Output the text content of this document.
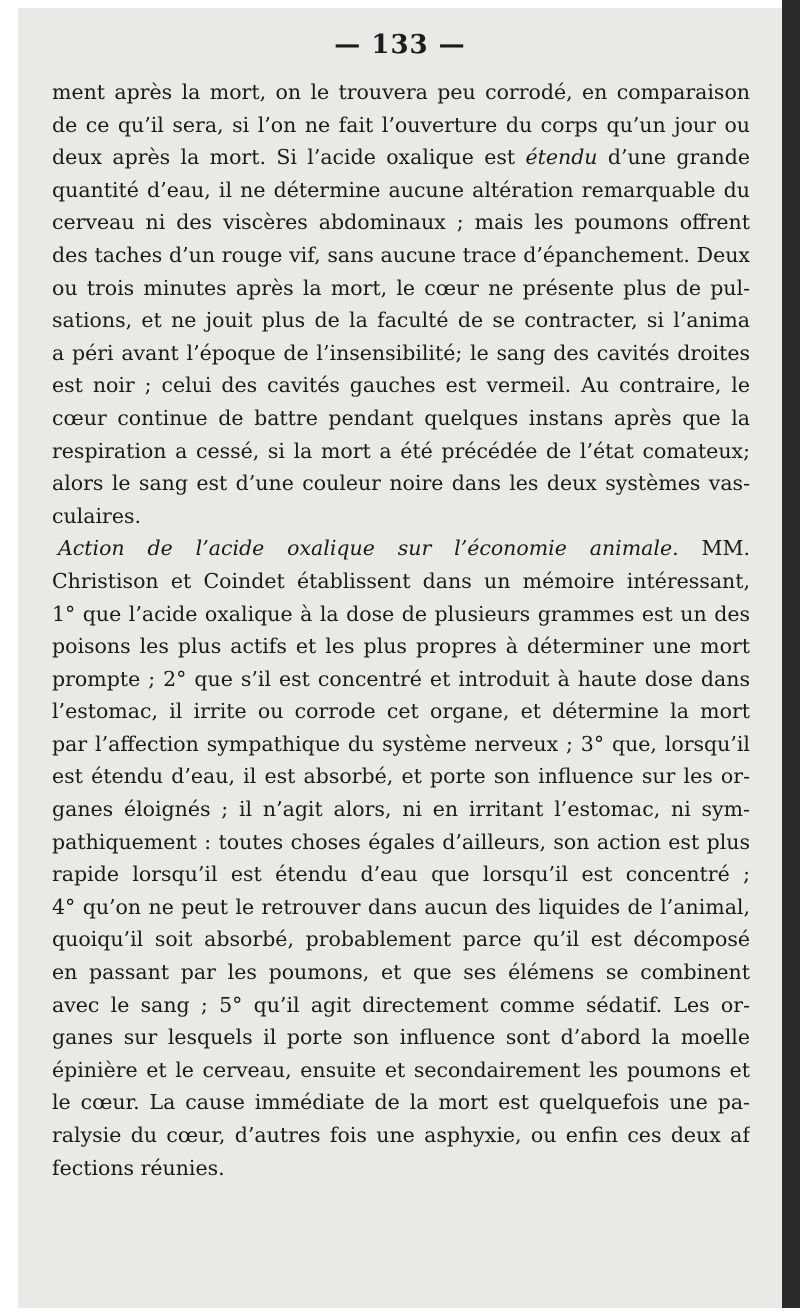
— 133 —
ment après la mort, on le trouvera peu corrodé, en comparaison
de ce qu’il sera, si l’on ne fait l’ouverture du corps qu’un jour ou
deux après la mort. Si l’acide oxalique est étendu d’une grande
quantité d’eau, il ne détermine aucune altération remarquable du
cerveau ni des viscères abdominaux ; mais les poumons offrent
des taches d’un rouge vif, sans aucune trace d’épanchement. Deux
ou trois minutes après la mort, le cœur ne présente plus de pul-
sations, et ne jouit plus de la faculté de se contracter, si l’anima
a péri avant l’époque de l’insensibilité; le sang des cavités droites
est noir ; celui des cavités gauches est vermeil. Au contraire, le
cœur continue de battre pendant quelques instans après que la
respiration a cessé, si la mort a été précédée de l’état comateux;
alors le sang est d’une couleur noire dans les deux systèmes vas-
culaires.
Action de l’acide oxalique sur l’économie animale. MM.
Christison et Coindet établissent dans un mémoire intéressant,
1° que l’acide oxalique à la dose de plusieurs grammes est un des
poisons les plus actifs et les plus propres à déterminer une mort
prompte ; 2° que s’il est concentré et introduit à haute dose dans
l’estomac, il irrite ou corrode cet organe, et détermine la mort
par l’affection sympathique du système nerveux ; 3° que, lorsqu’il
est étendu d’eau, il est absorbé, et porte son influence sur les or-
ganes éloignés ; il n’agit alors, ni en irritant l’estomac, ni sym-
pathiquement : toutes choses égales d’ailleurs, son action est plus
rapide lorsqu’il est étendu d’eau que lorsqu’il est concentré ;
4° qu’on ne peut le retrouver dans aucun des liquides de l’animal,
quoiqu’il soit absorbé, probablement parce qu’il est décomposé
en passant par les poumons, et que ses élémens se combinent
avec le sang ; 5° qu’il agit directement comme sédatif. Les or-
ganes sur lesquels il porte son influence sont d’abord la moelle
épinière et le cerveau, ensuite et secondairement les poumons et
le cœur. La cause immédiate de la mort est quelquefois une pa-
ralysie du cœur, d’autres fois une asphyxie, ou enfin ces deux af
fections réunies.
